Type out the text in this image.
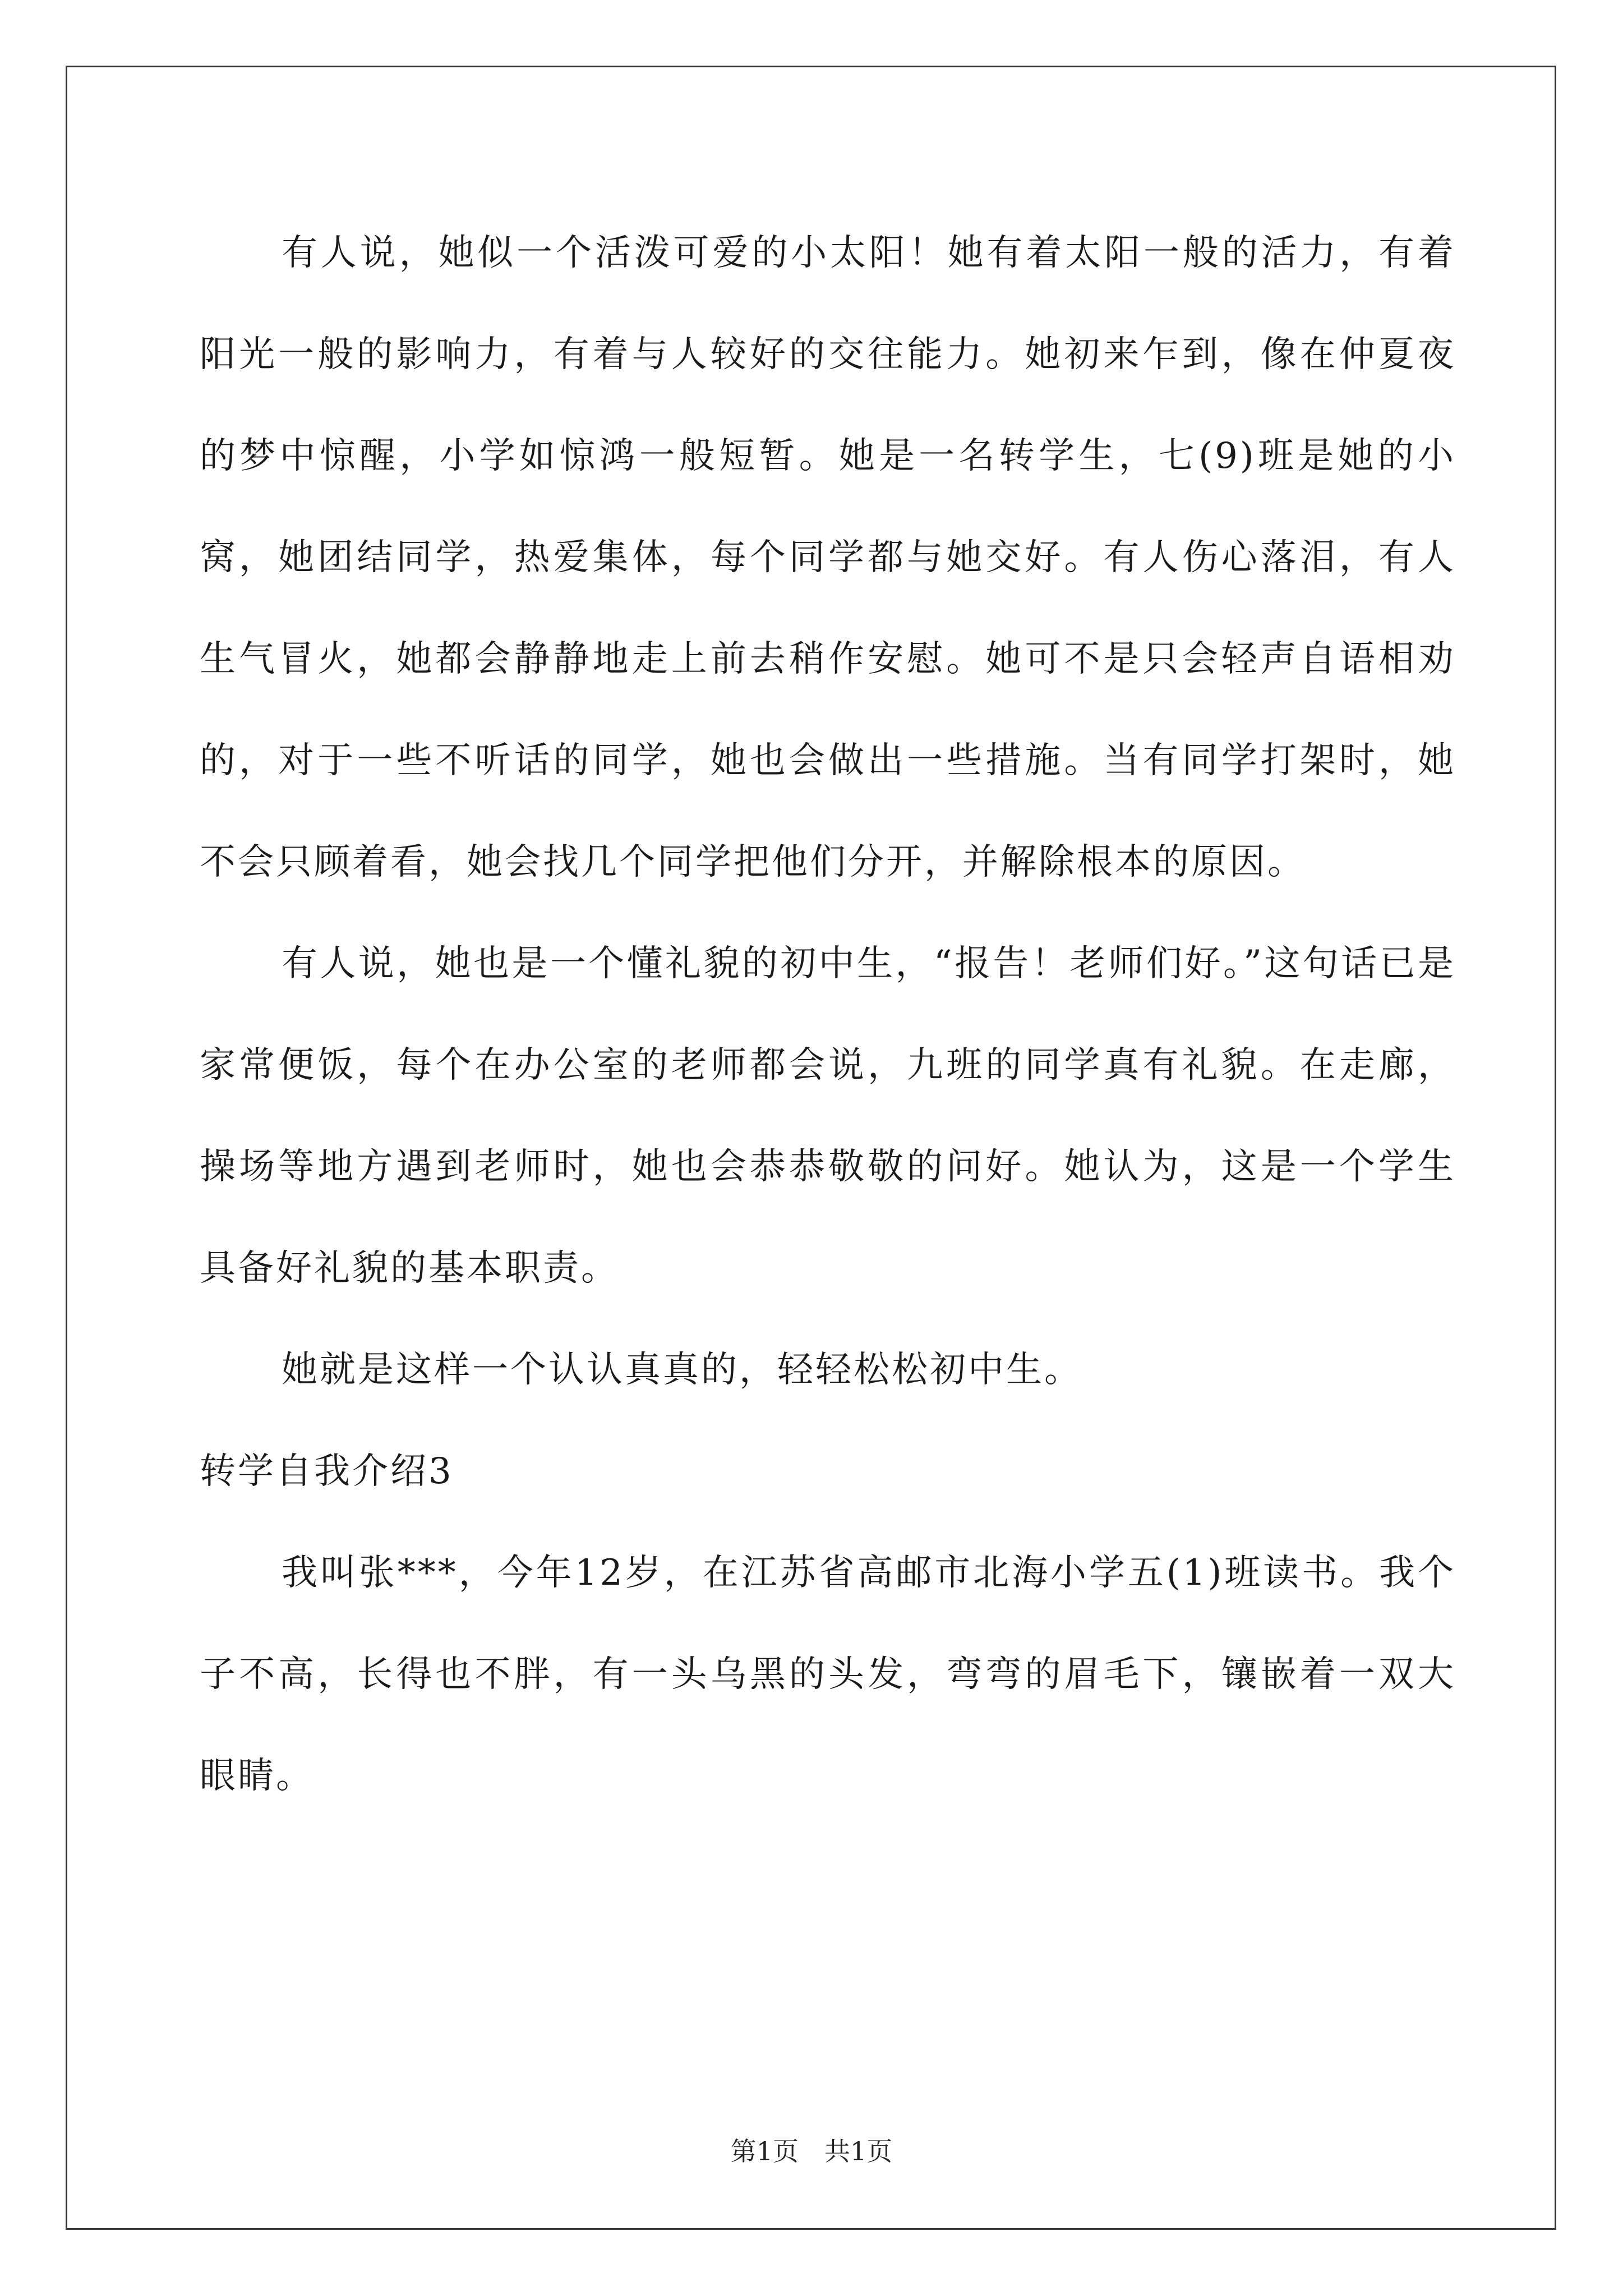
有人说，她似一个活泼可爱的小太阳！她有着太阳一般的活力，有着阳光一般的影响力，有着与人较好的交往能力。她初来乍到，像在仲夏夜的梦中惊醒，小学如惊鸿一般短暂。她是一名转学生，七(9)班是她的小窝，她团结同学，热爱集体，每个同学都与她交好。有人伤心落泪，有人生气冒火，她都会静静地走上前去稍作安慰。她可不是只会轻声自语相劝的，对于一些不听话的同学，她也会做出一些措施。当有同学打架时，她不会只顾着看，她会找几个同学把他们分开，并解除根本的原因。

有人说，她也是一个懂礼貌的初中生，“报告！老师们好。”这句话已是家常便饭，每个在办公室的老师都会说，九班的同学真有礼貌。在走廊，操场等地方遇到老师时，她也会恭恭敬敬的问好。她认为，这是一个学生具备好礼貌的基本职责。

她就是这样一个认认真真的，轻轻松松初中生。

转学自我介绍3

我叫张***，今年12岁，在江苏省高邮市北海小学五(1)班读书。我个子不高，长得也不胖，有一头乌黑的头发，弯弯的眉毛下，镶嵌着一双大眼睛。

第1页　共1页
